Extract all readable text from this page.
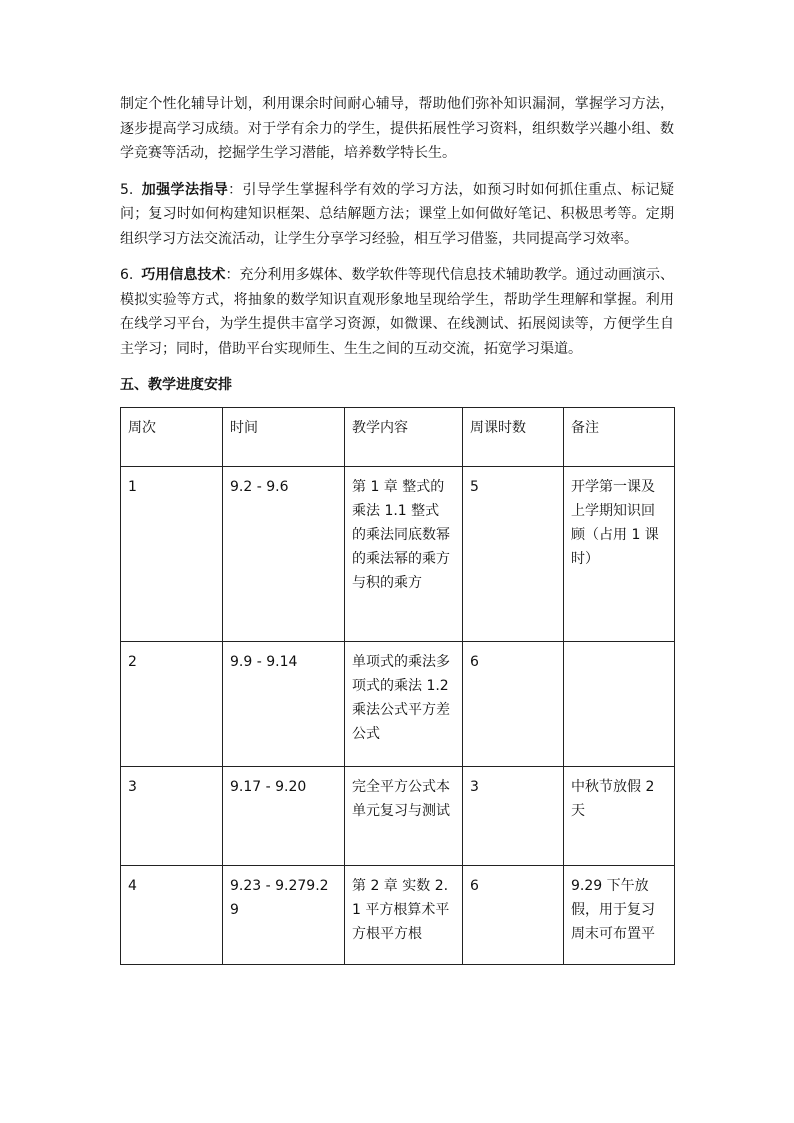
制定个性化辅导计划，利用课余时间耐心辅导，帮助他们弥补知识漏洞，掌握学习方法，逐步提高学习成绩。对于学有余力的学生，提供拓展性学习资料，组织数学兴趣小组、数学竞赛等活动，挖掘学生学习潜能，培养数学特长生。

5. 加强学法指导：引导学生掌握科学有效的学习方法，如预习时如何抓住重点、标记疑问；复习时如何构建知识框架、总结解题方法；课堂上如何做好笔记、积极思考等。定期组织学习方法交流活动，让学生分享学习经验，相互学习借鉴，共同提高学习效率。

6. 巧用信息技术：充分利用多媒体、数学软件等现代信息技术辅助教学。通过动画演示、模拟实验等方式，将抽象的数学知识直观形象地呈现给学生，帮助学生理解和掌握。利用在线学习平台，为学生提供丰富学习资源，如微课、在线测试、拓展阅读等，方便学生自主学习；同时，借助平台实现师生、生生之间的互动交流，拓宽学习渠道。

五、教学进度安排
周次	时间	教学内容	周课时数	备注
1	9.2 - 9.6	第 1 章 整式的乘法 1.1 整式的乘法同底数幂的乘法幂的乘方与积的乘方	5	开学第一课及上学期知识回顾（占用 1 课时）
2	9.9 - 9.14	单项式的乘法多项式的乘法 1.2 乘法公式平方差公式	6	
3	9.17 - 9.20	完全平方公式本单元复习与测试	3	中秋节放假 2 天
4	9.23 - 9.279.29	第 2 章 实数 2.1 平方根算术平方根平方根	6	9.29 下午放假，用于复习周末可布置平
